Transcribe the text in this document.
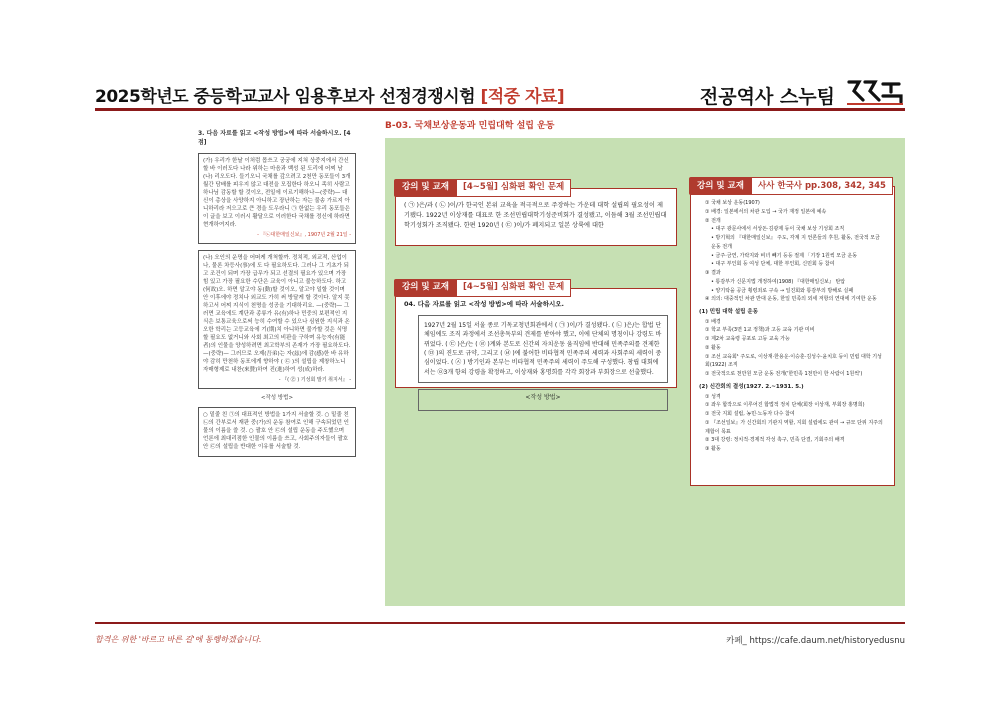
2025학년도 중등학교교사 임용후보자 선정경쟁시험 [적중 자료]	전공역사 스누팀
3. 다음 자료를 읽고 <작성 방법>에 따라 서술하시오. [4점]
(가) 우리가 한날 이처럼 몹쓰고 궁궁에 지쳐 상중지에서 간신 할 바 이러도다 나라 위하는 마음과 백성 된 도리에 어찌 남(나) 리오도다. 들기오니 국채를 갚으려고 2천만 동포들이 3개월간 담배를 피우지 않고 대전을 모집한다 하오니 족히 사람고 하나님 감동할 할 것이오, 전일에 이르기해하나—(중략)— 대신이 총상을 사양하지 아니하고 장난하는 자는 불송 가르지 아니하리라 저으고로 큰 경을 도우라니 ㉠ 한없는 우리 동포들은 이 글을 보고 이러시 활달으로 이러한다 국채를 정신에 하라면 현개하여지라.
- 『㉡대한매일신보』, 1907년 2월 21일 -
(나) 오인의 운명을 어떠케 개척할까. 정치적, 외교적, 산업이나, 물론 차등사(事)에 도 다 필요하도다. 그러나 그 기초가 되고 조건이 되며 가장 급무가 되고 선결의 필요가 있으며 가장 힘 있고 가장 필요한 수단은 교육이 아니고 불능하도다. 하고(何故)오. 하면 알고야 동(動)할 것이오, 알고야 일할 것이며 안 이후에야 정치나 외교도 가히 써 방달케 할 것이다. 알지 못하고서 어찌 지식이 천명을 성공을 기대하리요. —(중략)— 그러면 교육에도 계단과 종류가 유(有)하나 민중의 보편적인 지식은 보통교육으로써 능히 수여할 수 있으나 심원한 지식과 온오한 학리는 고등교육에 기(期)치 아니하면 불가할 것은 식명할 필요도 없거니와 사회 최고의 비판을 구하며 유능자(有能者)의 인물을 양성하려면 최고학부의 존재가 가장 필요하도다. —(중략)— 그러므로 오제(吾弟)는 자(玆)에 감(感)한 바 유하야 감히 만천하 동포에게 향하야 ( ㉢ )의 설립을 제창하노니 자매형제로 내찬(來贊)하여 진(進)하여 성(成)하라.
- 『( ㉣ ) 기성회 발기 취지서』 -
<작성 방법>
○ 밑줄 친 ㉠의 대표적인 방법을 1가지 서술할 것. ○ 밑줄 친 ㉡의 간부로서 재판 중(가)의 운동 참여로 인해 구속되었던 인물의 이름을 쓸 것. ○ 괄호 안 ㉢의 설립 운동을 주도했으며 언론에 최대리점한 인물의 이름을 쓰고, 사회주의자들이 괄호 안 ㉢의 설립을 반대한 이유를 서술할 것.
B-03. 국채보상운동과 민립대학 설립 운동
강의 및 교재	[4~5월] 심화편 확인 문제
( ㉠ )은/과 ( ㉡ )이/가 한국인 본위 교육을 적극적으로 주장하는 가운데 대학 설립의 필요성이 제기됐다. 1922년 이상재를 대표로 한 조선민립대학기성준비회가 결성됐고, 이듬해 3월 조선민립대학기성회가 조직됐다. 한편 1920년 ( ㉢ )이/가 폐지되고 일본 상륙에 대한
강의 및 교재	[4~5월] 심화편 확인 문제
04. 다음 자료를 읽고 <작성 방법>에 따라 서술하시오.
1927년 2월 15일 서울 종로 기독교청년회관에서 ( ㉠ )이/가 결성됐다. ( ㉡ )은/는 합법 단체임에도 조직 과정에서 조선총독부의 견제를 받아야 했고, 이에 단체의 명칭이나 강령도 바뀌었다. ( ㉢ )은/는 ( ㉣ )계와 본도로 신간의 자치운동 움직임에 반대해 민족주의를 견제한 ( ㉤ )의 진도로 규약, 그리고 ( ㉥ )에 불어한 비타협적 민족주의 세력과 사회주의 세력이 중심이었다. ( ㉦ ) 방기인과 본부는 비타협적 민족주의 세력이 주도해 구성했다. 창립 대회에서는 ㉧3개 항의 강령을 확정하고, 이상재와 홍명희를 각각 회장과 부회장으로 선출했다.
<작성 방법>
강의 및 교재	사사 한국사 pp.308, 342, 345
① 국채 보상 운동(1907)
① 배경: 일본에서의 차관 도입 → 국가 재정 일본에 예속
② 전개
• 대구 광문사에서 서상돈·김광제 등이 국채 보상 기성회 조직
• 방기혁의 『대한매일신보』 주도, 각계 지 언론들의 후원, 활동, 전국적 모금 운동 전개
• 금주·금연, 가락지와 비녀 빼기 등등 절제 「기장 1원씩 모금 운동
• 대구 부인회 등 여성 단체, 대한 부인회, 신민회 등 참여
③ 결과
• 통감부가 신문지법 개정하여(1908) 『대한매일신보』 탄압
• 양기탁을 공금 횡령죄로 구속 → 일진회와 통감부의 방해로 실패
④ 의의: 대중적인 차관 반대 운동, 한일 민족의 외세 저항의 연대에 기여한 운동
(1) 민립 대학 설립 운동
① 배경
① 학교 부족(3면 1교 정책)과 고등 교육 기관 미비
① 제2차 교육령 공포로 고등 교육 가능
② 활동
① 조선 교육회¹ 주도로, 이상재·한용운·이승훈·김성수·윤치호 등이 민립 대학 기성회(1922) 조직
① 전국적으로 천만원 모금 운동 전개('한민족 1천만이 한 사람이 1원씩')
(2) 신간회의 결성(1927. 2.~1931. 5.)
① 성격
① 좌우 합작으로 이루어진 합법적 정치 단체(회장 이상재, 부회장 홍명희)
① 전국 지회 설립, 농민·노동자 다수 참여
① 『조선일보』가 신간회의 기관지 역할, 지회 설립에도 관여 → 규모 단위 지주의 제합이 목표
② 3대 강령: 정치적·경제적 각성 촉구, 민족 단결, 기회주의 배격
③ 활동
합격은 위한 '바르고 바른 길'에 동행하겠습니다.	카페_ https://cafe.daum.net/historyedusnu
